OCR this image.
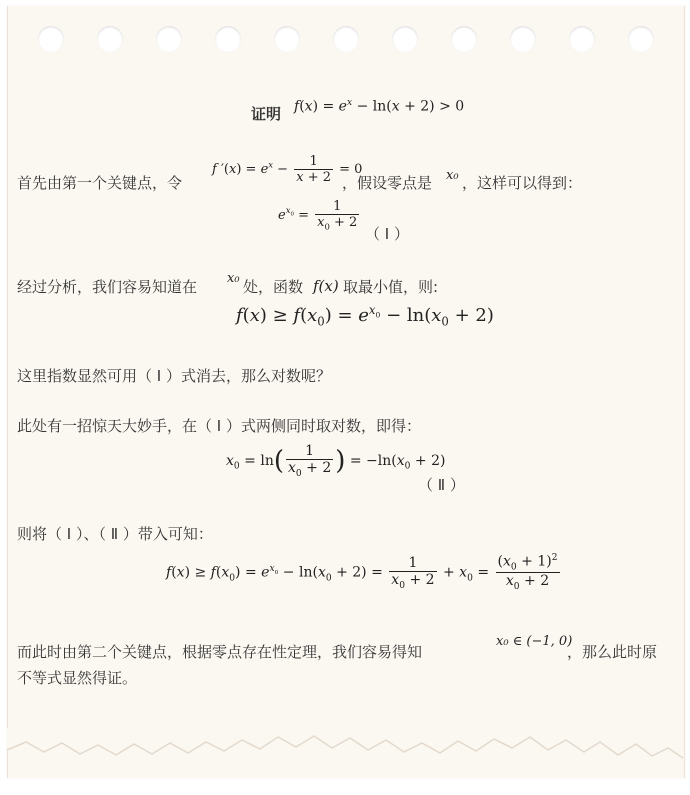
证明 $f(x) = e^x - \ln(x + 2) > 0$
首先由第一个关键点，令
f $'(x) = e^x - \frac{1}{x + 2} = 0$
，假设零点是 x₀ ，这样可以得到：
$e^{x_0} = \frac{1}{x_0 + 2}$
（ Ⅰ ）
经过分析，我们容易知道在 x₀ 处，函数 f(x) 取最小值，则:
$f(x) \ge f(x_0) = e^{x_0} - \ln(x_0 + 2)$
这里指数显然可用（ Ⅰ ）式消去，那么对数呢？
此处有一招惊天大妙手，在（ Ⅰ ）式两侧同时取对数，即得：
$x_0 = \ln( \frac{1}{x_0 + 2}$ ) = $-\ln(x_0 + 2)$
（ Ⅱ ）
则将（ Ⅰ ）、（ Ⅱ ）带入可知：
$f(x) \ge f(x_0) = e^{x_0} - \ln(x_0 + 2) = \frac{1}{x_0 + 2} + x_0 = \frac{(x_0 + 1)^2}{x_0 + 2}$
而此时由第二个关键点，根据零点存在性定理，我们容易得知
x₀ ∈ (−1, 0)
，那么此时原
不等式显然得证。
